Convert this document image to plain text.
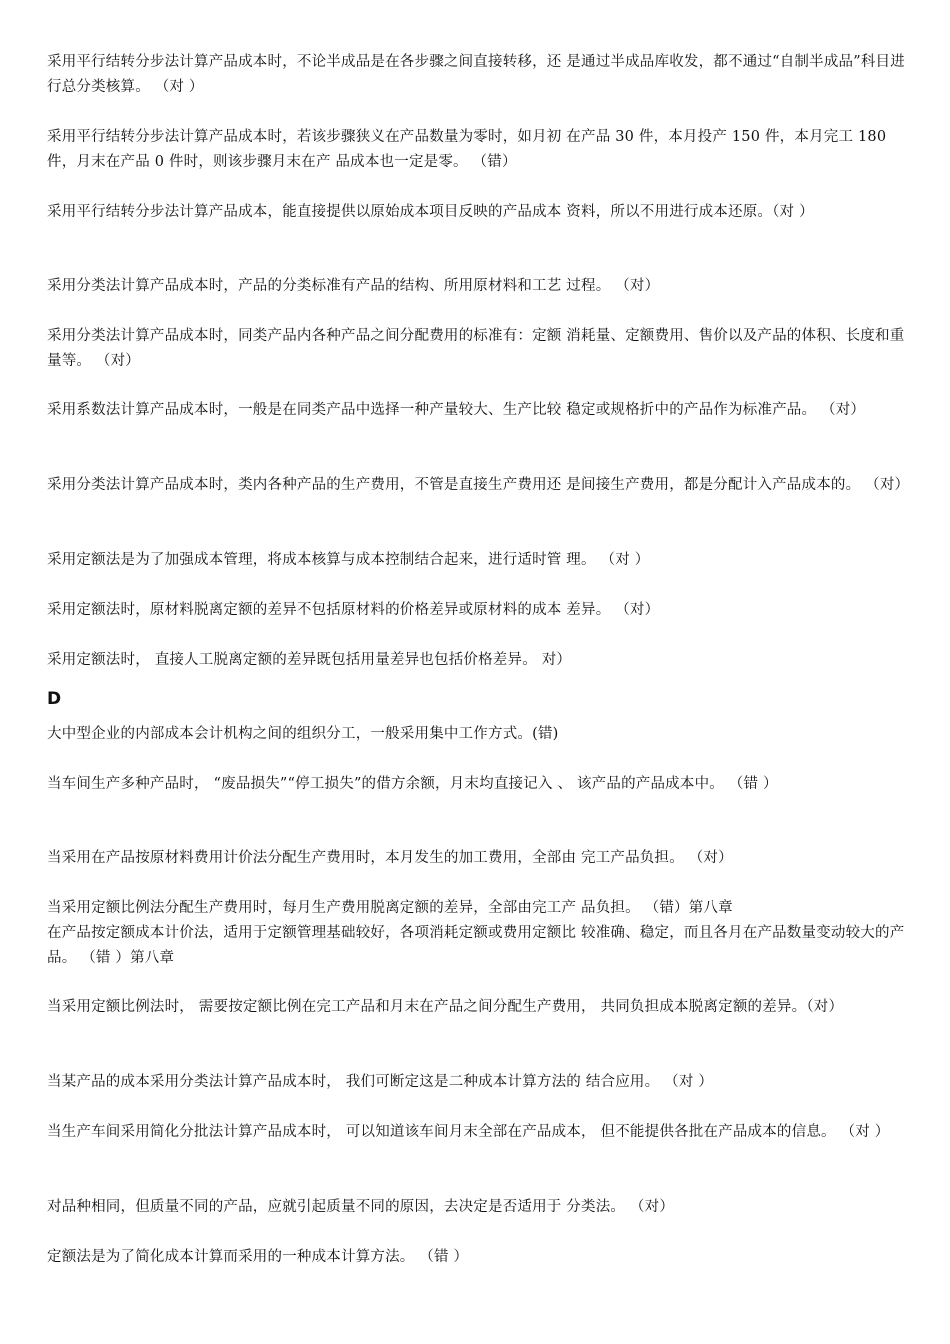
采用平行结转分步法计算产品成本时，不论半成品是在各步骤之间直接转移，还 是通过半成品库收发，都不通过“自制半成品”科目进行总分类核算。 （对 ）

采用平行结转分步法计算产品成本时，若该步骤狭义在产品数量为零时，如月初 在产品 30 件，本月投产 150 件，本月完工 180 件，月末在产品 0 件时，则该步骤月末在产 品成本也一定是零。 （错）

采用平行结转分步法计算产品成本，能直接提供以原始成本项目反映的产品成本 资料，所以不用进行成本还原。（对 ）

采用分类法计算产品成本时，产品的分类标准有产品的结构、所用原材料和工艺 过程。 （对）

采用分类法计算产品成本时，同类产品内各种产品之间分配费用的标准有：定额 消耗量、定额费用、售价以及产品的体积、长度和重量等。 （对）

采用系数法计算产品成本时，一般是在同类产品中选择一种产量较大、生产比较 稳定或规格折中的产品作为标准产品。 （对）

采用分类法计算产品成本时，类内各种产品的生产费用，不管是直接生产费用还 是间接生产费用，都是分配计入产品成本的。 （对）

采用定额法是为了加强成本管理，将成本核算与成本控制结合起来，进行适时管 理。 （对 ）

采用定额法时，原材料脱离定额的差异不包括原材料的价格差异或原材料的成本 差异。 （对）

采用定额法时， 直接人工脱离定额的差异既包括用量差异也包括价格差异。 对）

D

大中型企业的内部成本会计机构之间的组织分工，一般采用集中工作方式。(错)

当车间生产多种产品时， “废品损失”“停工损失”的借方余额，月末均直接记入 、 该产品的产品成本中。 （错 ）

当采用在产品按原材料费用计价法分配生产费用时，本月发生的加工费用，全部由 完工产品负担。 （对）

当采用定额比例法分配生产费用时，每月生产费用脱离定额的差异，全部由完工产 品负担。 （错）第八章

在产品按定额成本计价法，适用于定额管理基础较好，各项消耗定额或费用定额比 较准确、稳定，而且各月在产品数量变动较大的产品。 （错 ）第八章

当采用定额比例法时， 需要按定额比例在完工产品和月末在产品之间分配生产费用， 共同负担成本脱离定额的差异。（对）

当某产品的成本采用分类法计算产品成本时， 我们可断定这是二种成本计算方法的 结合应用。 （对 ）

当生产车间采用简化分批法计算产品成本时， 可以知道该车间月末全部在产品成本， 但不能提供各批在产品成本的信息。 （对 ）

对品种相同，但质量不同的产品，应就引起质量不同的原因，去决定是否适用于 分类法。 （对）

定额法是为了简化成本计算而采用的一种成本计算方法。 （错 ）
